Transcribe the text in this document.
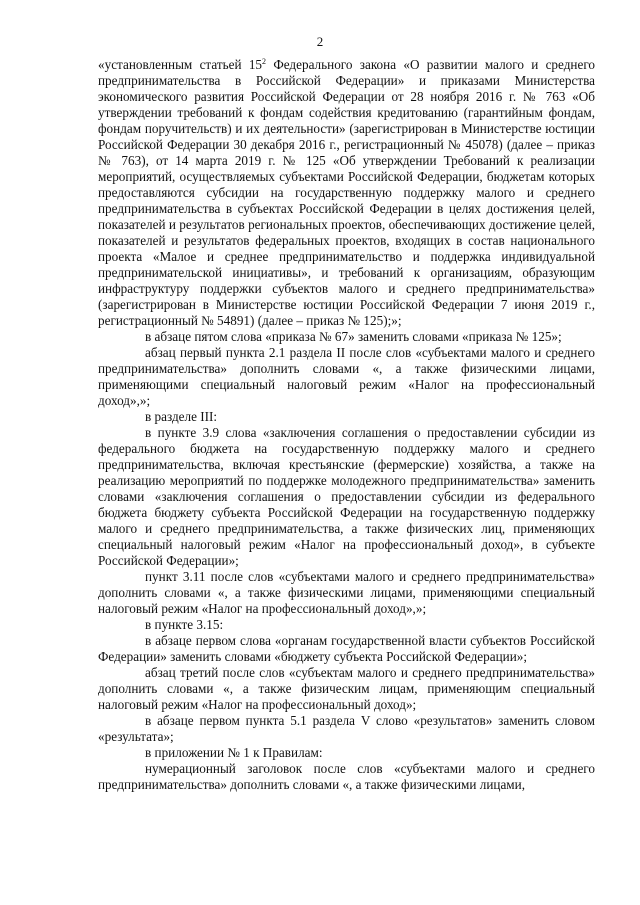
2

«установленным статьей $15^2$ Федерального закона «О развитии малого и среднего предпринимательства в Российской Федерации» и приказами Министерства экономического развития Российской Федерации от 28 ноября 2016 г. № 763 «Об утверждении требований к фондам содействия кредитованию (гарантийным фондам, фондам поручительств) и их деятельности» (зарегистрирован в Министерстве юстиции Российской Федерации 30 декабря 2016 г., регистрационный № 45078) (далее – приказ № 763), от 14 марта 2019 г. № 125 «Об утверждении Требований к реализации мероприятий, осуществляемых субъектами Российской Федерации, бюджетам которых предоставляются субсидии на государственную поддержку малого и среднего предпринимательства в субъектах Российской Федерации в целях достижения целей, показателей и результатов региональных проектов, обеспечивающих достижение целей, показателей и результатов федеральных проектов, входящих в состав национального проекта «Малое и среднее предпринимательство и поддержка индивидуальной предпринимательской инициативы», и требований к организациям, образующим инфраструктуру поддержки субъектов малого и среднего предпринимательства» (зарегистрирован в Министерстве юстиции Российской Федерации 7 июня 2019 г., регистрационный № 54891) (далее – приказ № 125);»;

в абзаце пятом слова «приказа № 67» заменить словами «приказа № 125»;

абзац первый пункта 2.1 раздела II после слов «субъектами малого и среднего предпринимательства» дополнить словами «, а также физическими лицами, применяющими специальный налоговый режим «Налог на профессиональный доход»,»;

в разделе III:

в пункте 3.9 слова «заключения соглашения о предоставлении субсидии из федерального бюджета на государственную поддержку малого и среднего предпринимательства, включая крестьянские (фермерские) хозяйства, а также на реализацию мероприятий по поддержке молодежного предпринимательства» заменить словами «заключения соглашения о предоставлении субсидии из федерального бюджета бюджету субъекта Российской Федерации на государственную поддержку малого и среднего предпринимательства, а также физических лиц, применяющих специальный налоговый режим «Налог на профессиональный доход», в субъекте Российской Федерации»;

пункт 3.11 после слов «субъектами малого и среднего предпринимательства» дополнить словами «, а также физическими лицами, применяющими специальный налоговый режим «Налог на профессиональный доход»,»;

в пункте 3.15:

в абзаце первом слова «органам государственной власти субъектов Российской Федерации» заменить словами «бюджету субъекта Российской Федерации»;

абзац третий после слов «субъектам малого и среднего предпринимательства» дополнить словами «, а также физическим лицам, применяющим специальный налоговый режим «Налог на профессиональный доход»;

в абзаце первом пункта 5.1 раздела V слово «результатов» заменить словом «результата»;

в приложении № 1 к Правилам:

нумерационный заголовок после слов «субъектами малого и среднего предпринимательства» дополнить словами «, а также физическими лицами,
